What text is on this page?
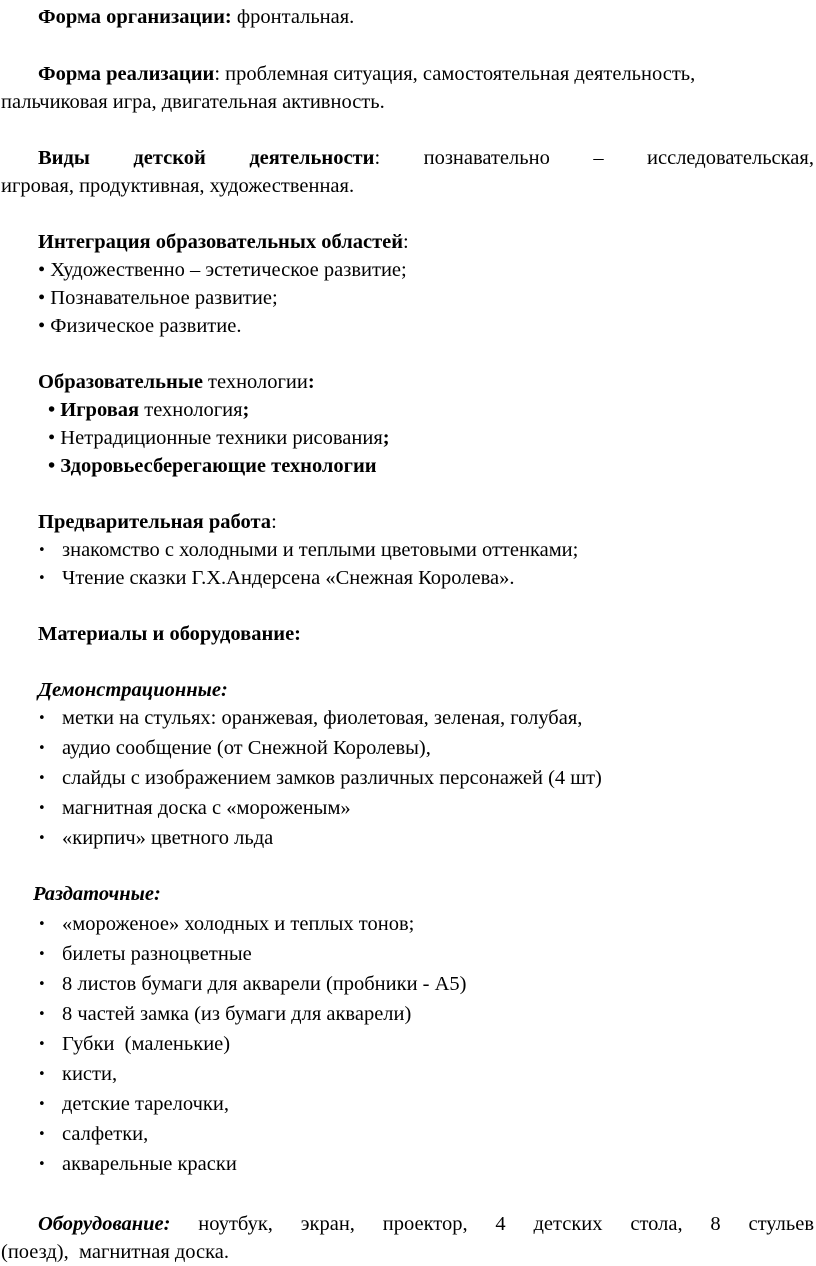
Форма организации: фронтальная.
Форма реализации: проблемная ситуация, самостоятельная деятельность,
пальчиковая игра, двигательная активность.
Виды детской деятельности: познавательно – исследовательская,
игровая, продуктивная, художественная.
Интеграция образовательных областей:
• Художественно – эстетическое развитие;
• Познавательное развитие;
• Физическое развитие.
Образовательные технологии:
• Игровая технология;
• Нетрадиционные техники рисования;
• Здоровьесберегающие технологии
Предварительная работа:
• знакомство с холодными и теплыми цветовыми оттенками;
• Чтение сказки Г.Х.Андерсена «Снежная Королева».
Материалы и оборудование:
Демонстрационные:
• метки на стульях: оранжевая, фиолетовая, зеленая, голубая,
• аудио сообщение (от Снежной Королевы),
• слайды с изображением замков различных персонажей (4 шт)
• магнитная доска с «мороженым»
• «кирпич» цветного льда
Раздаточные:
• «мороженое» холодных и теплых тонов;
• билеты разноцветные
• 8 листов бумаги для акварели (пробники - А5)
• 8 частей замка (из бумаги для акварели)
• Губки  (маленькие)
• кисти,
• детские тарелочки,
• салфетки,
• акварельные краски
Оборудование: ноутбук, экран, проектор, 4 детских стола, 8 стульев
(поезд),  магнитная доска.
